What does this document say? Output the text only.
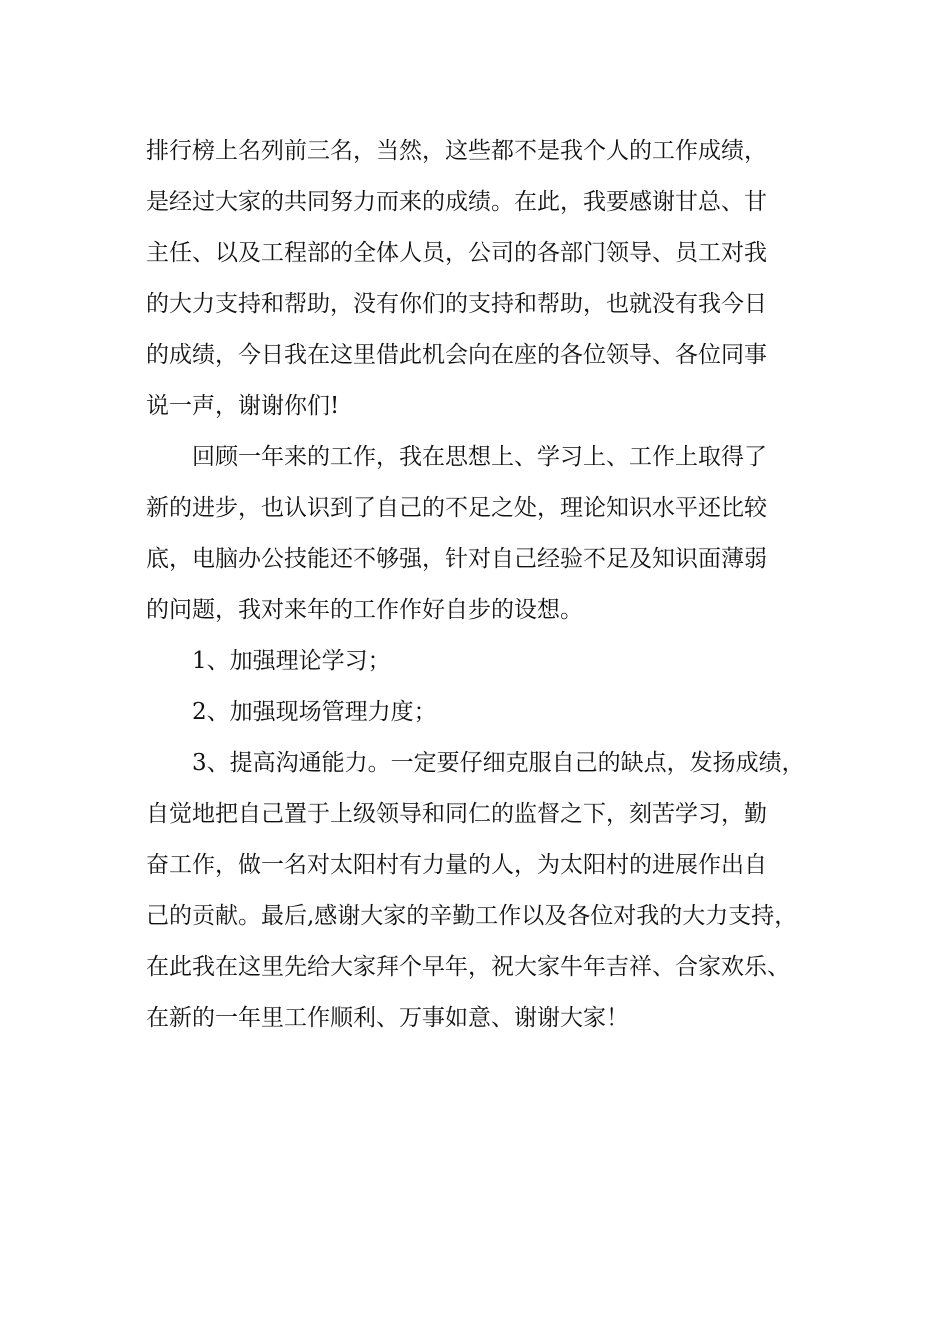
排行榜上名列前三名，当然，这些都不是我个人的工作成绩，
是经过大家的共同努力而来的成绩。在此，我要感谢甘总、甘
主任、以及工程部的全体人员，公司的各部门领导、员工对我
的大力支持和帮助，没有你们的支持和帮助，也就没有我今日
的成绩，今日我在这里借此机会向在座的各位领导、各位同事
说一声，谢谢你们!
回顾一年来的工作，我在思想上、学习上、工作上取得了
新的进步，也认识到了自己的不足之处，理论知识水平还比较
底，电脑办公技能还不够强，针对自己经验不足及知识面薄弱
的问题，我对来年的工作作好自步的设想。
1、加强理论学习；
2、加强现场管理力度；
3、提高沟通能力。一定要仔细克服自己的缺点，发扬成绩，
自觉地把自己置于上级领导和同仁的监督之下，刻苦学习，勤
奋工作，做一名对太阳村有力量的人，为太阳村的进展作出自
己的贡献。最后,感谢大家的辛勤工作以及各位对我的大力支持，
在此我在这里先给大家拜个早年，祝大家牛年吉祥、合家欢乐、
在新的一年里工作顺利、万事如意、谢谢大家！
